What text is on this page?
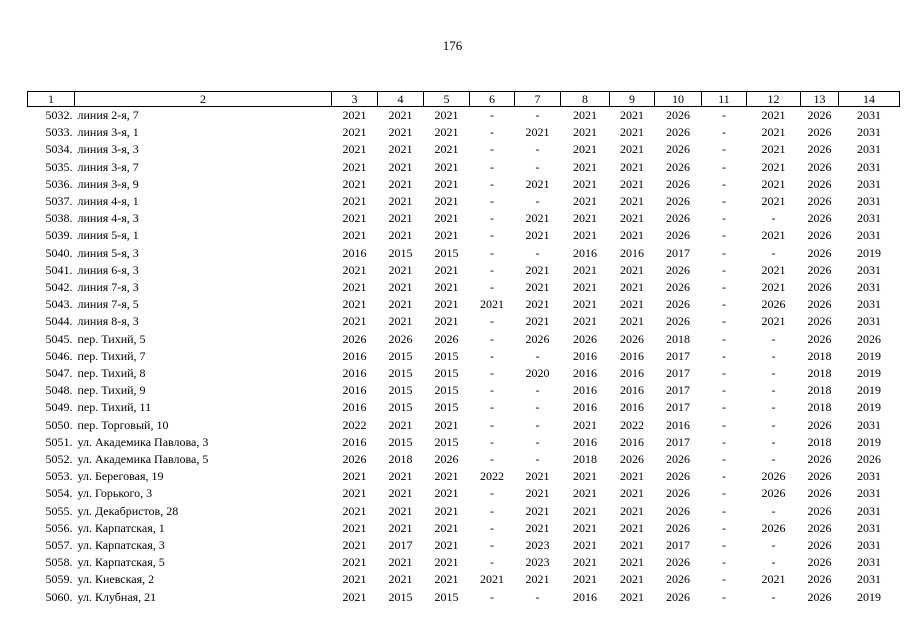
176
1	2	3	4	5	6	7	8	9	10	11	12	13	14
5032.	линия 2-я, 7	2021	2021	2021	-	-	2021	2021	2026	-	2021	2026	2031
5033.	линия 3-я, 1	2021	2021	2021	-	2021	2021	2021	2026	-	2021	2026	2031
5034.	линия 3-я, 3	2021	2021	2021	-	-	2021	2021	2026	-	2021	2026	2031
5035.	линия 3-я, 7	2021	2021	2021	-	-	2021	2021	2026	-	2021	2026	2031
5036.	линия 3-я, 9	2021	2021	2021	-	2021	2021	2021	2026	-	2021	2026	2031
5037.	линия 4-я, 1	2021	2021	2021	-	-	2021	2021	2026	-	2021	2026	2031
5038.	линия 4-я, 3	2021	2021	2021	-	2021	2021	2021	2026	-	-	2026	2031
5039.	линия 5-я, 1	2021	2021	2021	-	2021	2021	2021	2026	-	2021	2026	2031
5040.	линия 5-я, 3	2016	2015	2015	-	-	2016	2016	2017	-	-	2026	2019
5041.	линия 6-я, 3	2021	2021	2021	-	2021	2021	2021	2026	-	2021	2026	2031
5042.	линия 7-я, 3	2021	2021	2021	-	2021	2021	2021	2026	-	2021	2026	2031
5043.	линия 7-я, 5	2021	2021	2021	2021	2021	2021	2021	2026	-	2026	2026	2031
5044.	линия 8-я, 3	2021	2021	2021	-	2021	2021	2021	2026	-	2021	2026	2031
5045.	пер. Тихий, 5	2026	2026	2026	-	2026	2026	2026	2018	-	-	2026	2026
5046.	пер. Тихий, 7	2016	2015	2015	-	-	2016	2016	2017	-	-	2018	2019
5047.	пер. Тихий, 8	2016	2015	2015	-	2020	2016	2016	2017	-	-	2018	2019
5048.	пер. Тихий, 9	2016	2015	2015	-	-	2016	2016	2017	-	-	2018	2019
5049.	пер. Тихий, 11	2016	2015	2015	-	-	2016	2016	2017	-	-	2018	2019
5050.	пер. Торговый, 10	2022	2021	2021	-	-	2021	2022	2016	-	-	2026	2031
5051.	ул. Академика Павлова, 3	2016	2015	2015	-	-	2016	2016	2017	-	-	2018	2019
5052.	ул. Академика Павлова, 5	2026	2018	2026	-	-	2018	2026	2026	-	-	2026	2026
5053.	ул. Береговая, 19	2021	2021	2021	2022	2021	2021	2021	2026	-	2026	2026	2031
5054.	ул. Горького, 3	2021	2021	2021	-	2021	2021	2021	2026	-	2026	2026	2031
5055.	ул. Декабристов, 28	2021	2021	2021	-	2021	2021	2021	2026	-	-	2026	2031
5056.	ул. Карпатская, 1	2021	2021	2021	-	2021	2021	2021	2026	-	2026	2026	2031
5057.	ул. Карпатская, 3	2021	2017	2021	-	2023	2021	2021	2017	-	-	2026	2031
5058.	ул. Карпатская, 5	2021	2021	2021	-	2023	2021	2021	2026	-	-	2026	2031
5059.	ул. Киевская, 2	2021	2021	2021	2021	2021	2021	2021	2026	-	2021	2026	2031
5060.	ул. Клубная, 21	2021	2015	2015	-	-	2016	2021	2026	-	-	2026	2019
